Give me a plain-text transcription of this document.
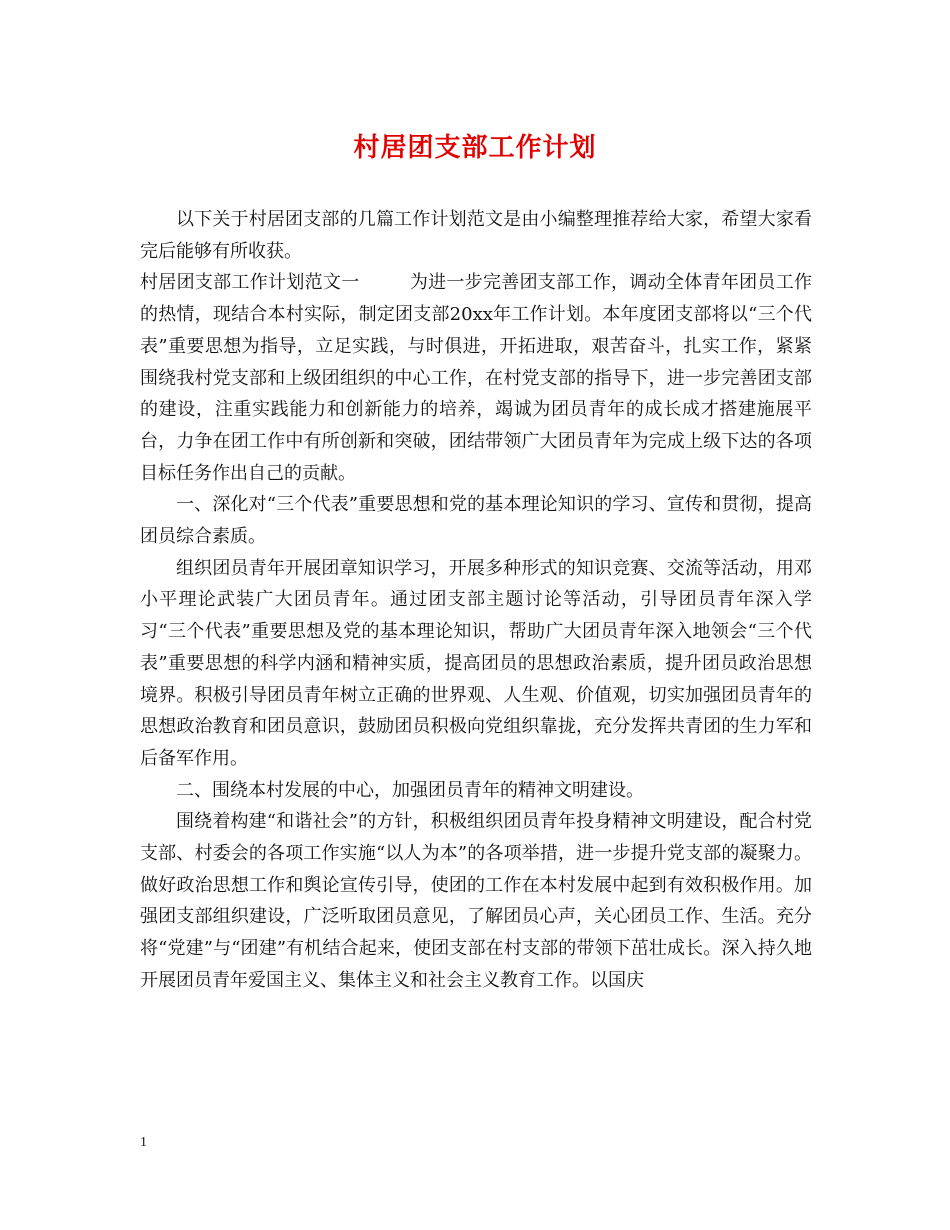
村居团支部工作计划

以下关于村居团支部的几篇工作计划范文是由小编整理推荐给大家，希望大家看完后能够有所收获。

村居团支部工作计划范文一	为进一步完善团支部工作，调动全体青年团员工作的热情，现结合本村实际，制定团支部20xx年工作计划。本年度团支部将以“三个代表”重要思想为指导，立足实践，与时俱进，开拓进取，艰苦奋斗，扎实工作，紧紧围绕我村党支部和上级团组织的中心工作，在村党支部的指导下，进一步完善团支部的建设，注重实践能力和创新能力的培养，竭诚为团员青年的成长成才搭建施展平台，力争在团工作中有所创新和突破，团结带领广大团员青年为完成上级下达的各项目标任务作出自己的贡献。

一、深化对“三个代表”重要思想和党的基本理论知识的学习、宣传和贯彻，提高团员综合素质。

组织团员青年开展团章知识学习，开展多种形式的知识竞赛、交流等活动，用邓小平理论武装广大团员青年。通过团支部主题讨论等活动，引导团员青年深入学习“三个代表”重要思想及党的基本理论知识，帮助广大团员青年深入地领会“三个代表”重要思想的科学内涵和精神实质，提高团员的思想政治素质，提升团员政治思想境界。积极引导团员青年树立正确的世界观、人生观、价值观，切实加强团员青年的思想政治教育和团员意识，鼓励团员积极向党组织靠拢，充分发挥共青团的生力军和后备军作用。

二、围绕本村发展的中心，加强团员青年的精神文明建设。

围绕着构建“和谐社会”的方针，积极组织团员青年投身精神文明建设，配合村党支部、村委会的各项工作实施“以人为本”的各项举措，进一步提升党支部的凝聚力。做好政治思想工作和舆论宣传引导，使团的工作在本村发展中起到有效积极作用。加强团支部组织建设，广泛听取团员意见，了解团员心声，关心团员工作、生活。充分将“党建”与“团建”有机结合起来，使团支部在村支部的带领下茁壮成长。深入持久地开展团员青年爱国主义、集体主义和社会主义教育工作。以国庆

1
